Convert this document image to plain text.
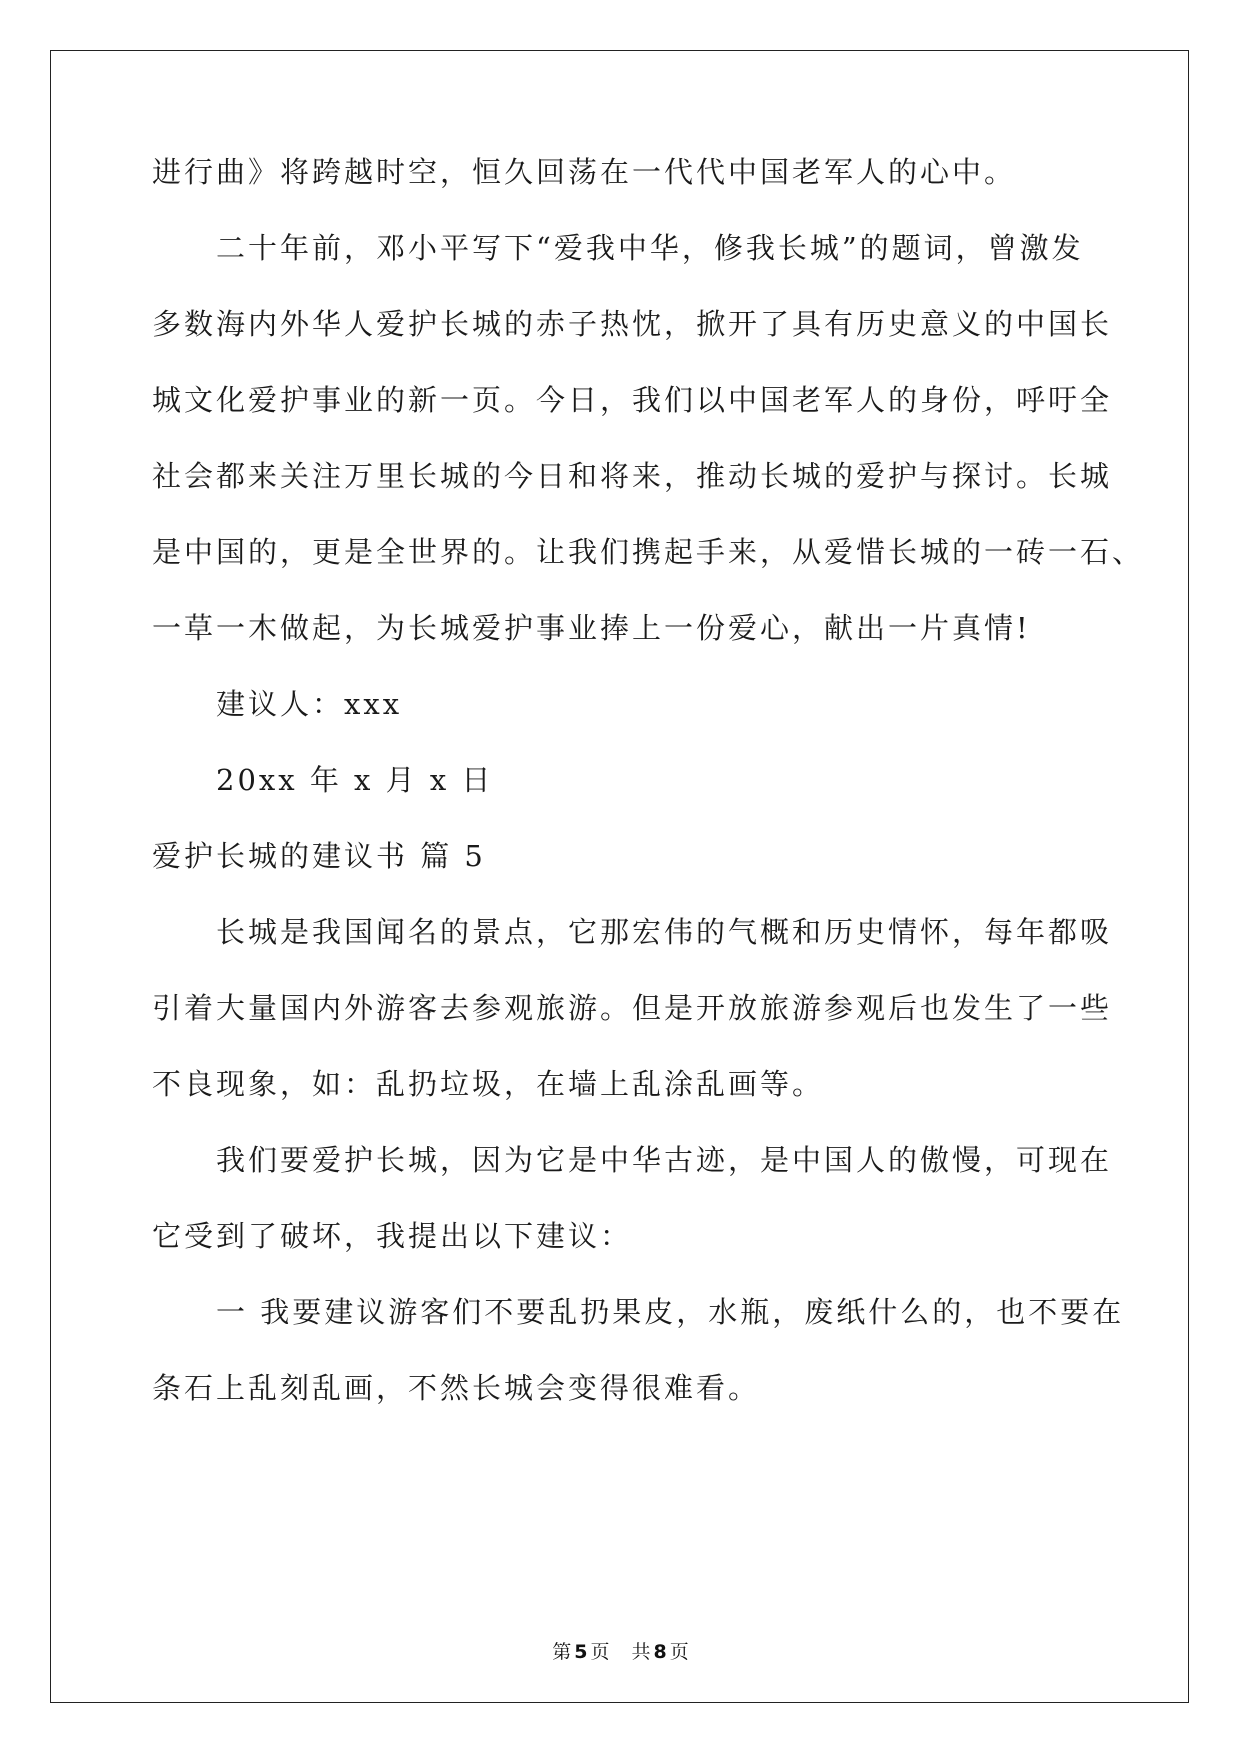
进行曲》将跨越时空，恒久回荡在一代代中国老军人的心中。
　　二十年前，邓小平写下“爱我中华，修我长城”的题词，曾激发
多数海内外华人爱护长城的赤子热忱，掀开了具有历史意义的中国长
城文化爱护事业的新一页。今日，我们以中国老军人的身份，呼吁全
社会都来关注万里长城的今日和将来，推动长城的爱护与探讨。长城
是中国的，更是全世界的。让我们携起手来，从爱惜长城的一砖一石、
一草一木做起，为长城爱护事业捧上一份爱心，献出一片真情!
　　建议人：xxx
　　20xx 年 x 月 x 日
爱护长城的建议书 篇 5
　　长城是我国闻名的景点，它那宏伟的气概和历史情怀，每年都吸
引着大量国内外游客去参观旅游。但是开放旅游参观后也发生了一些
不良现象，如：乱扔垃圾，在墙上乱涂乱画等。
　　我们要爱护长城，因为它是中华古迹，是中国人的傲慢，可现在
它受到了破坏，我提出以下建议：
　　一 我要建议游客们不要乱扔果皮，水瓶，废纸什么的，也不要在
条石上乱刻乱画，不然长城会变得很难看。
第 5 页 共 8 页
